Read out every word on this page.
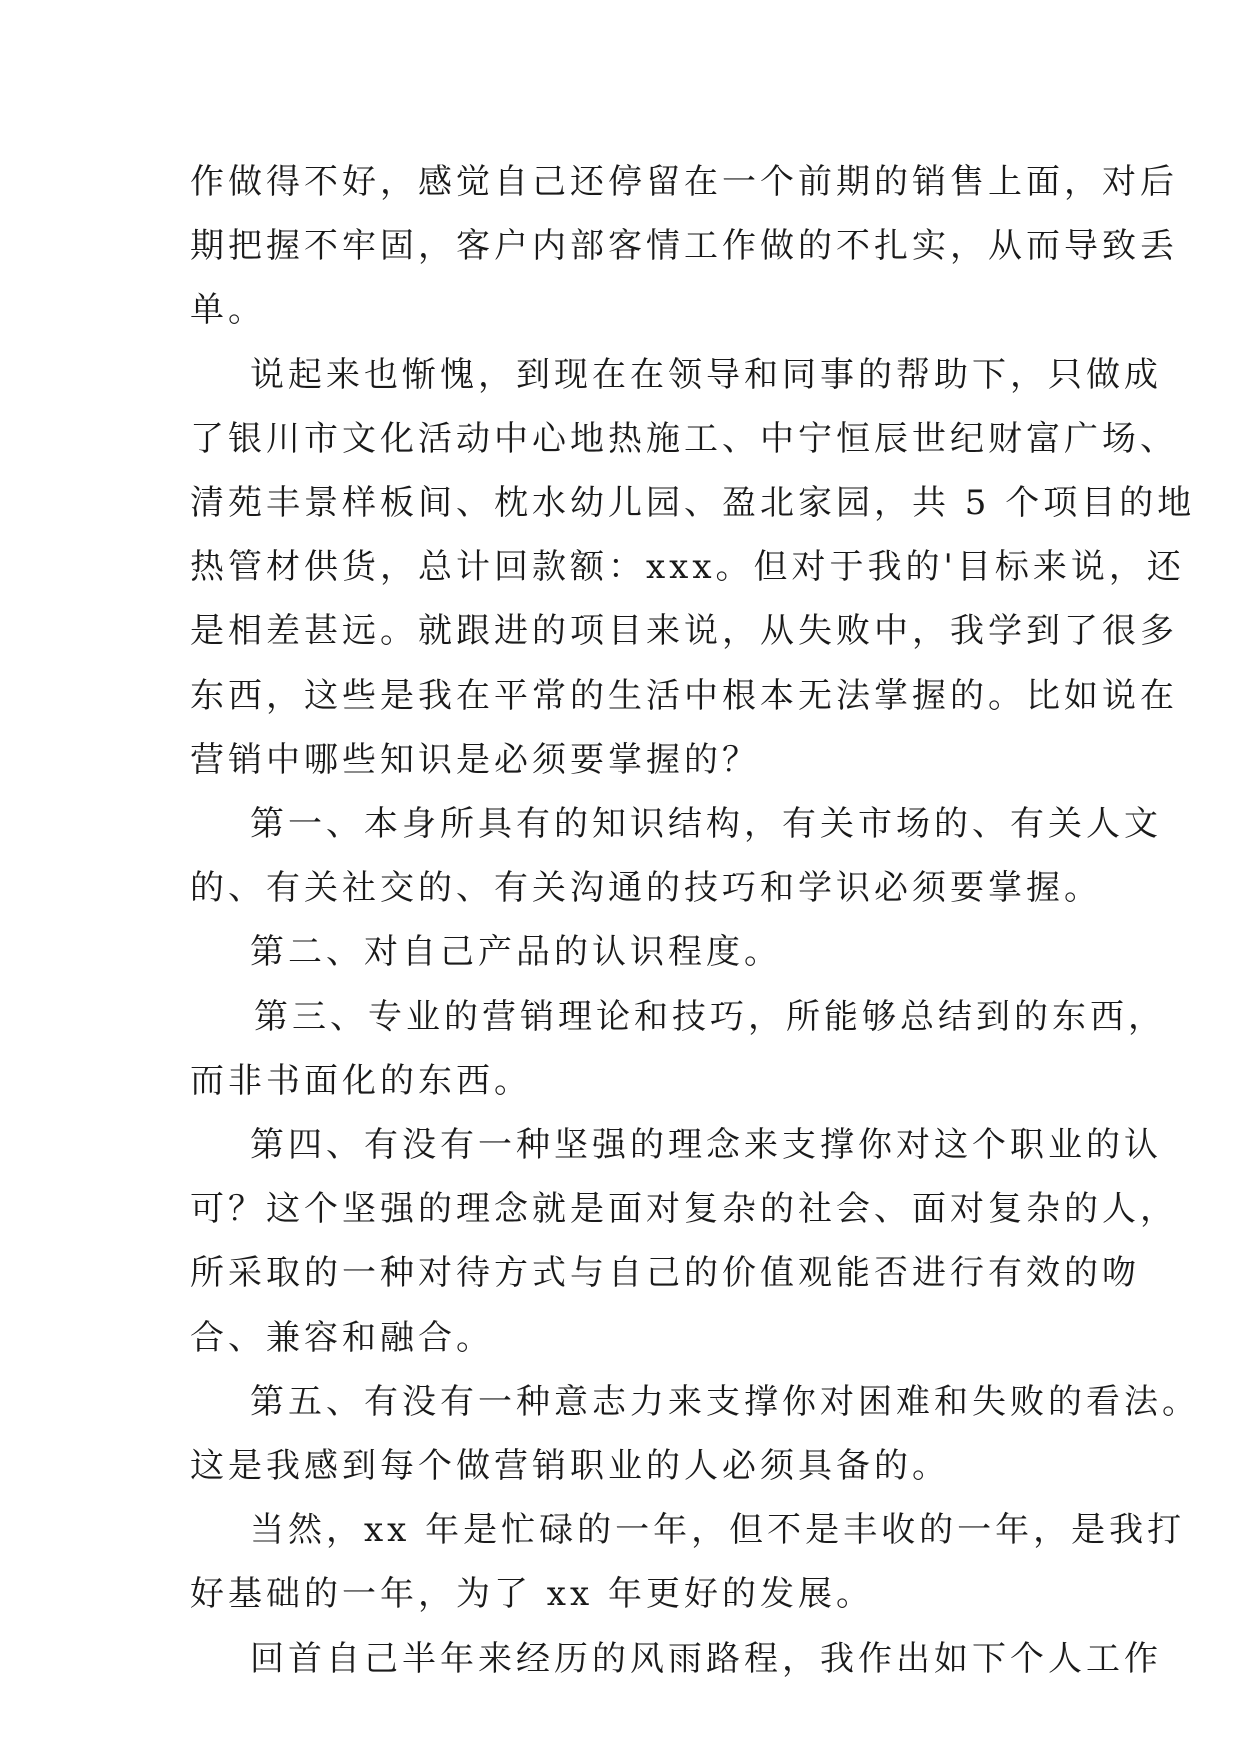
作做得不好，感觉自己还停留在一个前期的销售上面，对后
期把握不牢固，客户内部客情工作做的不扎实，从而导致丢
单。

说起来也惭愧，到现在在领导和同事的帮助下，只做成
了银川市文化活动中心地热施工、中宁恒辰世纪财富广场、
清苑丰景样板间、枕水幼儿园、盈北家园，共 5 个项目的地
热管材供货，总计回款额：xxx。但对于我的'目标来说，还
是相差甚远。就跟进的项目来说，从失败中，我学到了很多
东西，这些是我在平常的生活中根本无法掌握的。比如说在
营销中哪些知识是必须要掌握的？

第一、本身所具有的知识结构，有关市场的、有关人文
的、有关社交的、有关沟通的技巧和学识必须要掌握。

第二、对自己产品的认识程度。

第三、专业的营销理论和技巧，所能够总结到的东西，
而非书面化的东西。

第四、有没有一种坚强的理念来支撑你对这个职业的认
可？这个坚强的理念就是面对复杂的社会、面对复杂的人，
所采取的一种对待方式与自己的价值观能否进行有效的吻
合、兼容和融合。

第五、有没有一种意志力来支撑你对困难和失败的看法。
这是我感到每个做营销职业的人必须具备的。

当然，xx 年是忙碌的一年，但不是丰收的一年，是我打
好基础的一年，为了 xx 年更好的发展。

回首自己半年来经历的风雨路程，我作出如下个人工作
